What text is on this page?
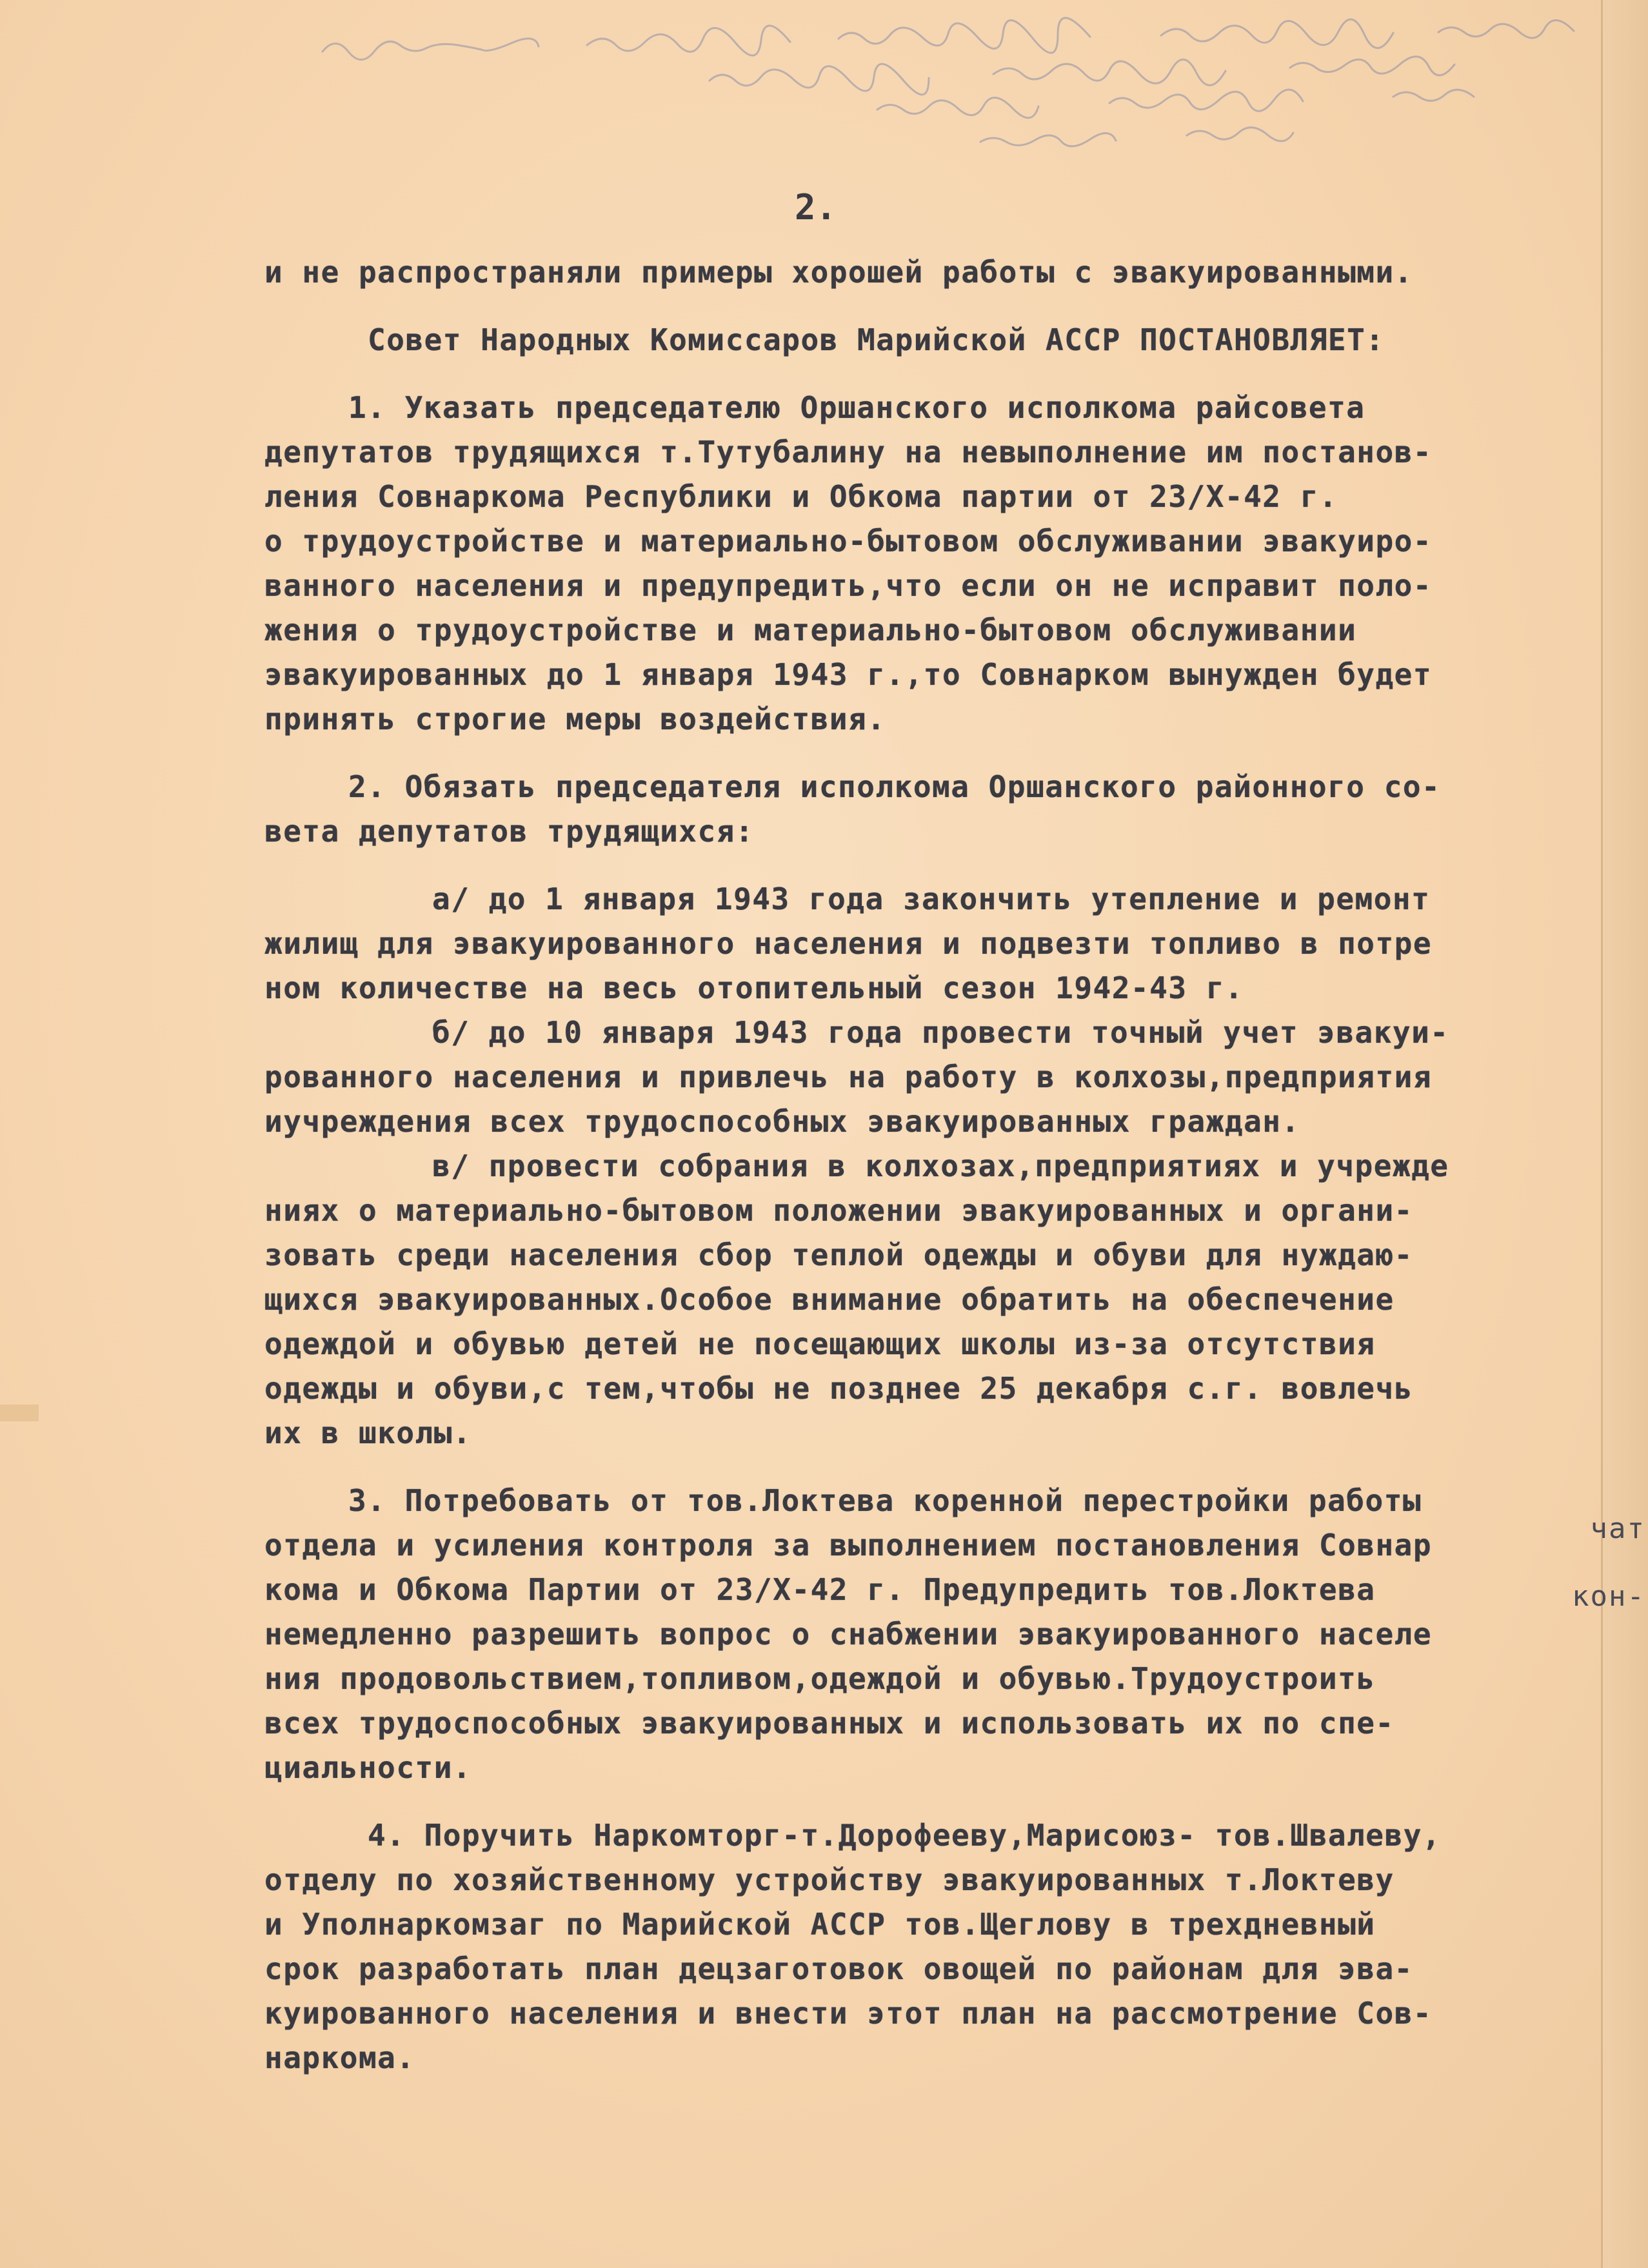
2.
и не распространяли примеры хорошей работы с эвакуированными.
Совет Народных Комиссаров Марийской АССР ПОСТАНОВЛЯЕТ:
1. Указать председателю Оршанского исполкома райсовета
депутатов трудящихся т.Тутубалину на невыполнение им постанов-
ления Совнаркома Республики и Обкома партии от 23/X-42 г.
о трудоустройстве и материально-бытовом обслуживании эвакуиро-
ванного населения и предупредить,что если он не исправит поло-
жения о трудоустройстве и материально-бытовом обслуживании
эвакуированных до 1 января 1943 г.,то Совнарком вынужден будет
принять строгие меры воздействия.
2. Обязать председателя исполкома Оршанского районного со-
вета депутатов трудящихся:
а/ до 1 января 1943 года закончить утепление и ремонт
жилищ для эвакуированного населения и подвезти топливо в потре
ном количестве на весь отопительный сезон 1942-43 г.
б/ до 10 января 1943 года провести точный учет эвакуи-
рованного населения и привлечь на работу в колхозы,предприятия
иучреждения всех трудоспособных эвакуированных граждан.
в/ провести собрания в колхозах,предприятиях и учрежде
ниях о материально-бытовом положении эвакуированных и органи-
зовать среди населения сбор теплой одежды и обуви для нуждаю-
щихся эвакуированных.Особое внимание обратить на обеспечение
одеждой и обувью детей не посещающих школы из-за отсутствия
одежды и обуви,с тем,чтобы не позднее 25 декабря с.г. вовлечь
их в школы.
3. Потребовать от тов.Локтева коренной перестройки работы
отдела и усиления контроля за выполнением постановления Совнар
кома и Обкома Партии от 23/X-42 г. Предупредить тов.Локтева
немедленно разрешить вопрос о снабжении эвакуированного населе
ния продовольствием,топливом,одеждой и обувью.Трудоустроить
всех трудоспособных эвакуированных и использовать их по спе-
циальности.
4. Поручить Наркомторг-т.Дорофееву,Марисоюз- тов.Швалеву,
отделу по хозяйственному устройству эвакуированных т.Локтеву
и Уполнаркомзаг по Марийской АССР тов.Щеглову в трехдневный
срок разработать план децзаготовок овощей по районам для эва-
куированного населения и внести этот план на рассмотрение Сов-
наркома.
чат
кон-
